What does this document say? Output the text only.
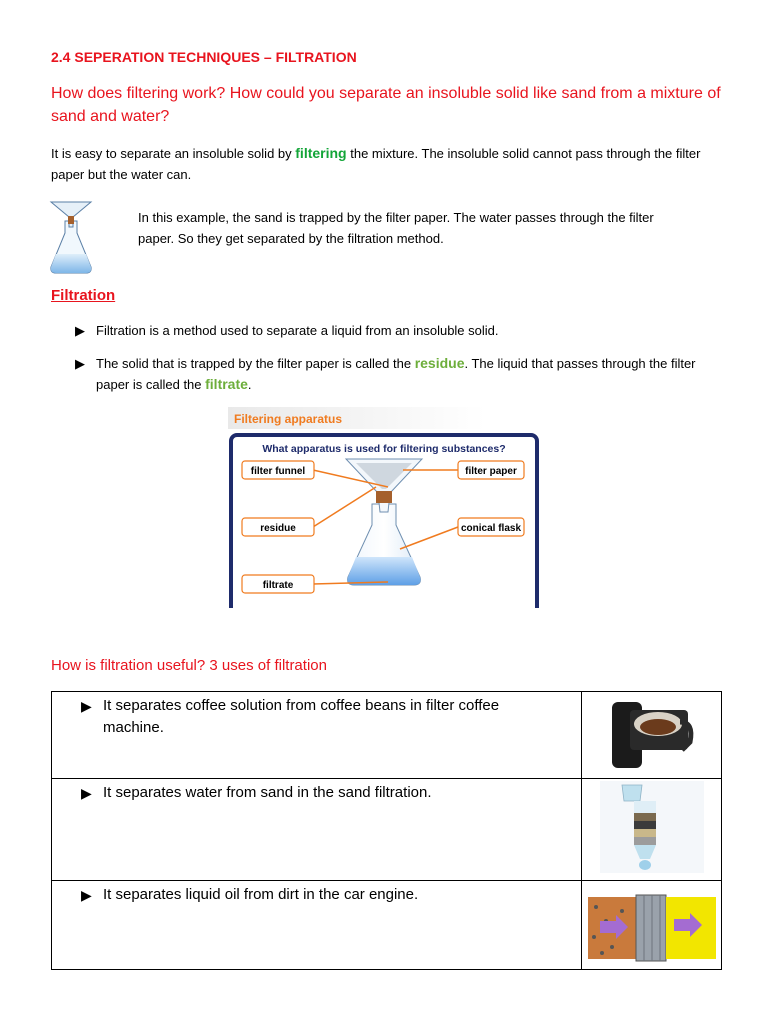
2.4 SEPERATION TECHNIQUES – FILTRATION
How does filtering work? How could you separate an insoluble solid like sand from a mixture of sand and water?
It is easy to separate an insoluble solid by filtering the mixture. The insoluble solid cannot pass through the filter paper but the water can.
In this example, the sand is trapped by the filter paper. The water passes through the filter paper. So they get separated by the filtration method.
Filtration
▶ Filtration is a method used to separate a liquid from an insoluble solid.
▶ The solid that is trapped by the filter paper is called the residue. The liquid that passes through the filter paper is called the filtrate.
Filtering apparatus
What apparatus is used for filtering substances?
filter funnel	filter paper
residue	conical flask
filtrate
How is filtration useful? 3 uses of filtration
▶ It separates coffee solution from coffee beans in filter coffee machine.

▶ It separates water from sand in the sand filtration.

▶ It separates liquid oil from dirt in the car engine.
